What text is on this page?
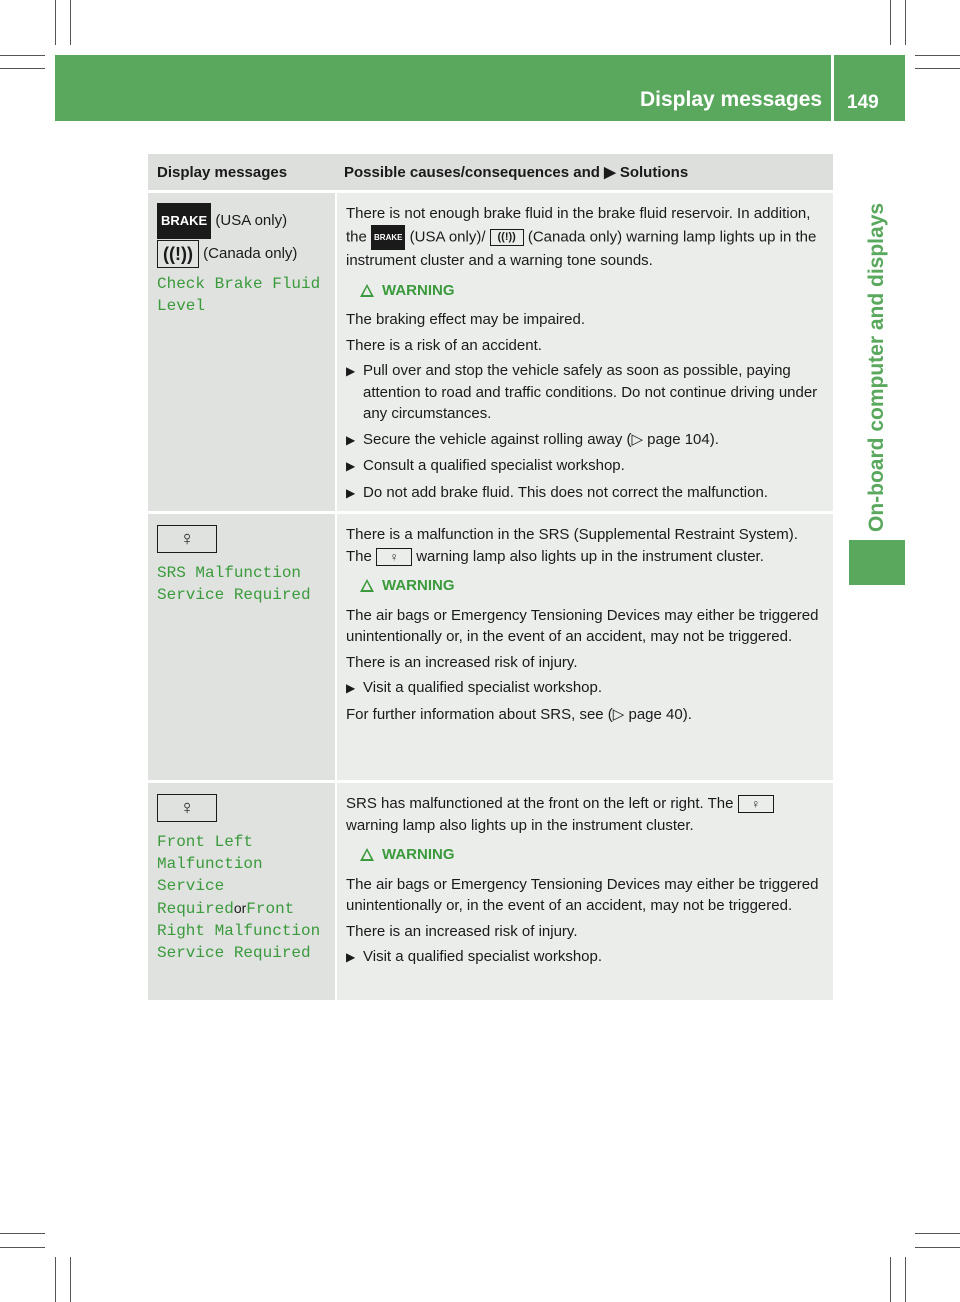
Display messages 149
On-board computer and displays
Display messages	Possible causes/consequences and ▶ Solutions
BRAKE (USA only) ((!)) (Canada only)
Check Brake Fluid
Level

There is not enough brake fluid in the brake fluid reservoir. In addition, the BRAKE (USA only)/ ((!)) (Canada only) warning lamp lights up in the instrument cluster and a warning tone sounds.

WARNING

The braking effect may be impaired.

There is a risk of an accident.

▶ Pull over and stop the vehicle safely as soon as possible, paying attention to road and traffic conditions. Do not continue driving under any circumstances.
▶ Secure the vehicle against rolling away (▷ page 104).
▶ Consult a qualified specialist workshop.
▶ Do not add brake fluid. This does not correct the malfunction.
♀
SRS Malfunction
Service Required

There is a malfunction in the SRS (Supplemental Restraint System). The ♀ warning lamp also lights up in the instrument cluster.

WARNING

The air bags or Emergency Tensioning Devices may either be triggered unintentionally or, in the event of an accident, may not be triggered.

There is an increased risk of injury.

▶ Visit a qualified specialist workshop.

For further information about SRS, see (▷ page 40).

♀
Front Left
Malfunction
Service
RequiredorFront
Right Malfunction
Service Required

SRS has malfunctioned at the front on the left or right. The ♀ warning lamp also lights up in the instrument cluster.

WARNING

The air bags or Emergency Tensioning Devices may either be triggered unintentionally or, in the event of an accident, may not be triggered.

There is an increased risk of injury.

▶ Visit a qualified specialist workshop.
